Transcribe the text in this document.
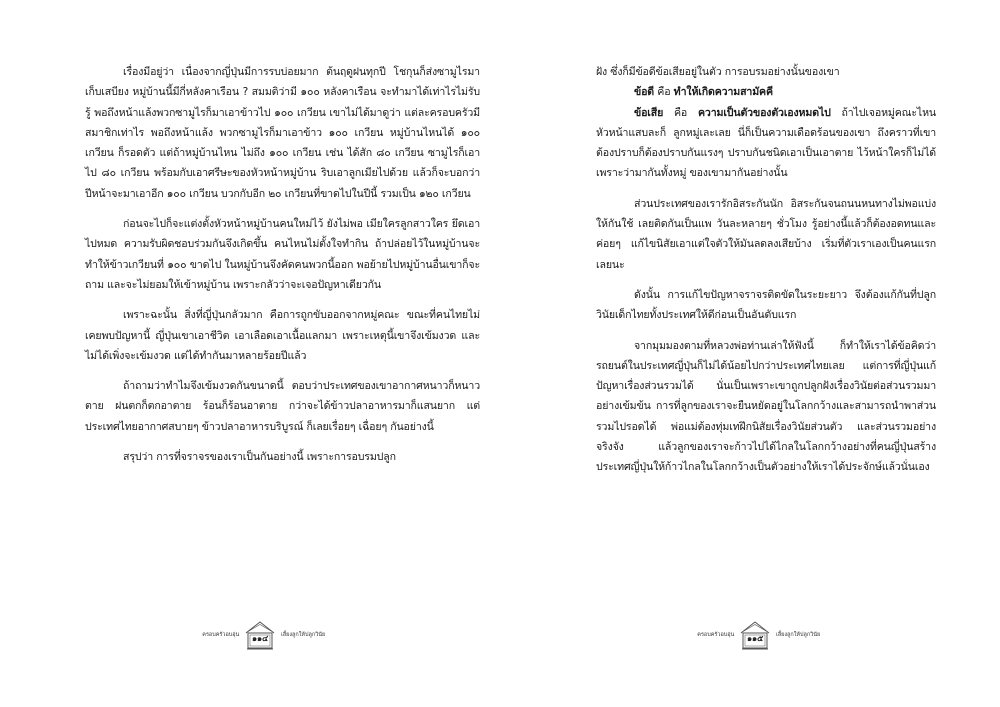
เรื่องมีอยู่ว่า เนื่องจากญี่ปุ่นมีการรบบ่อยมาก ต้นฤดูฝนทุกปี โชกุนก็ส่งซามูไรมาเก็บเสบียง หมู่บ้านนี้มีกี่หลังคาเรือน ? สมมติว่ามี ๑๐๐ หลังคาเรือน จะทำมาได้เท่าไรไม่รับรู้ พอถึงหน้าแล้งพวกซามูไรก็มาเอาข้าวไป ๑๐๐ เกวียน เขาไม่ได้มาดูว่า แต่ละครอบครัวมีสมาชิกเท่าไร พอถึงหน้าแล้ง พวกซามูไรก็มาเอาข้าว ๑๐๐ เกวียน หมู่บ้านไหนได้ ๑๐๐ เกวียน ก็รอดตัว แต่ถ้าหมู่บ้านไหน ไม่ถึง ๑๐๐ เกวียน เช่น ได้สัก ๘๐ เกวียน ซามูไรก็เอาไป ๘๐ เกวียน พร้อมกับเอาศรีษะของหัวหน้าหมู่บ้าน ริบเอาลูกเมียไปด้วย แล้วก็จะบอกว่า ปีหน้าจะมาเอาอีก ๑๐๐ เกวียน บวกกับอีก ๒๐ เกวียนที่ขาดไปในปีนี้ รวมเป็น ๑๒๐ เกวียน

ก่อนจะไปก็จะแต่งตั้งหัวหน้าหมู่บ้านคนใหม่ไว้ ยังไม่พอ เมียใครลูกสาวใคร ยึดเอาไปหมด ความรับผิดชอบร่วมกันจึงเกิดขึ้น คนไหนไม่ตั้งใจทำกิน ถ้าปล่อยไว้ในหมู่บ้านจะทำให้ข้าวเกวียนที่ ๑๐๐ ขาดไป ในหมู่บ้านจึงคัดคนพวกนี้ออก พอย้ายไปหมู่บ้านอื่นเขาก็จะถาม และจะไม่ยอมให้เข้าหมู่บ้าน เพราะกลัวว่าจะเจอปัญหาเดียวกัน

เพราะฉะนั้น สิ่งที่ญี่ปุ่นกลัวมาก คือการถูกขับออกจากหมู่คณะ ขณะที่คนไทยไม่เคยพบปัญหานี้ ญี่ปุ่นเขาเอาชีวิต เอาเลือดเอาเนื้อแลกมา เพราะเหตุนี้เขาจึงเข้มงวด และไม่ได้เพิ่งจะเข้มงวด แต่ได้ทำกันมาหลายร้อยปีแล้ว

ถ้าถามว่าทำไมจึงเข้มงวดกันขนาดนี้ ตอบว่าประเทศของเขาอากาศหนาวก็หนาวตาย ฝนตกก็ตกอาตาย ร้อนก็ร้อนอาตาย กว่าจะได้ข้าวปลาอาหารมาก็แสนยาก แต่ประเทศไทยอากาศสบายๆ ข้าวปลาอาหารบริบูรณ์ ก็เลยเรื่อยๆ เฉื่อยๆ กันอย่างนี้

สรุปว่า การที่จราจรของเราเป็นกันอย่างนี้ เพราะการอบรมปลูก

ฝัง ซึ่งก็มีข้อดีข้อเสียอยู่ในตัว การอบรมอย่างนั้นของเขา

ข้อดี คือ ทำให้เกิดความสามัคคี

ข้อเสีย คือ ความเป็นตัวของตัวเองหมดไป ถ้าไปเจอหมู่คณะไหน หัวหน้าแสบละก็ ลูกหมู่เละเลย นี่ก็เป็นความเดือดร้อนของเขา ถึงคราวที่เขาต้องปราบก็ต้องปราบกันแรงๆ ปราบกันชนิดเอาเป็นเอาตาย ไว้หน้าใครก็ไม่ได้ เพราะว่ามากันทั้งหมู่ ของเขามากันอย่างนั้น

ส่วนประเทศของเรารักอิสระกันนัก อิสระกันจนถนนหนทางไม่พอแบ่งให้กันใช้ เลยติดกันเป็นแพ วันละหลายๆ ชั่วโมง รู้อย่างนี้แล้วก็ต้องอดทนและค่อยๆ แก้ไขนิสัยเอาแต่ใจตัวให้มันลดลงเสียบ้าง เริ่มที่ตัวเราเองเป็นคนแรกเลยนะ

ดังนั้น การแก้ไขปัญหาจราจรติดขัดในระยะยาว จึงต้องแก้กันที่ปลูกวินัยเด็กไทยทั้งประเทศให้ดีก่อนเป็นอันดับแรก

จากมุมมองตามที่หลวงพ่อท่านเล่าให้ฟังนี้ ก็ทำให้เราได้ข้อคิดว่า รถยนต์ในประเทศญี่ปุ่นก็ไม่ได้น้อยไปกว่าประเทศไทยเลย แต่การที่ญี่ปุ่นแก้ปัญหาเรื่องส่วนรวมได้ นั่นเป็นเพราะเขาถูกปลูกฝังเรื่องวินัยต่อส่วนรวมมาอย่างเข้มข้น การที่ลูกของเราจะยืนหยัดอยู่ในโลกกว้างและสามารถนำพาส่วนรวมไปรอดได้ พ่อแม่ต้องทุ่มเทฝึกนิสัยเรื่องวินัยส่วนตัว และส่วนรวมอย่างจริงจัง แล้วลูกของเราจะก้าวไปได้ไกลในโลกกว้างอย่างที่คนญี่ปุ่นสร้างประเทศญี่ปุ่นให้ก้าวไกลในโลกกว้างเป็นตัวอย่างให้เราได้ประจักษ์แล้วนั่นเอง

ครอบครัวอบอุ่น	๑๑๔	เลี้ยงลูกให้ปลูกวินัย	ครอบครัวอบอุ่น	๑๑๕	เลี้ยงลูกให้ปลูกวินัย
